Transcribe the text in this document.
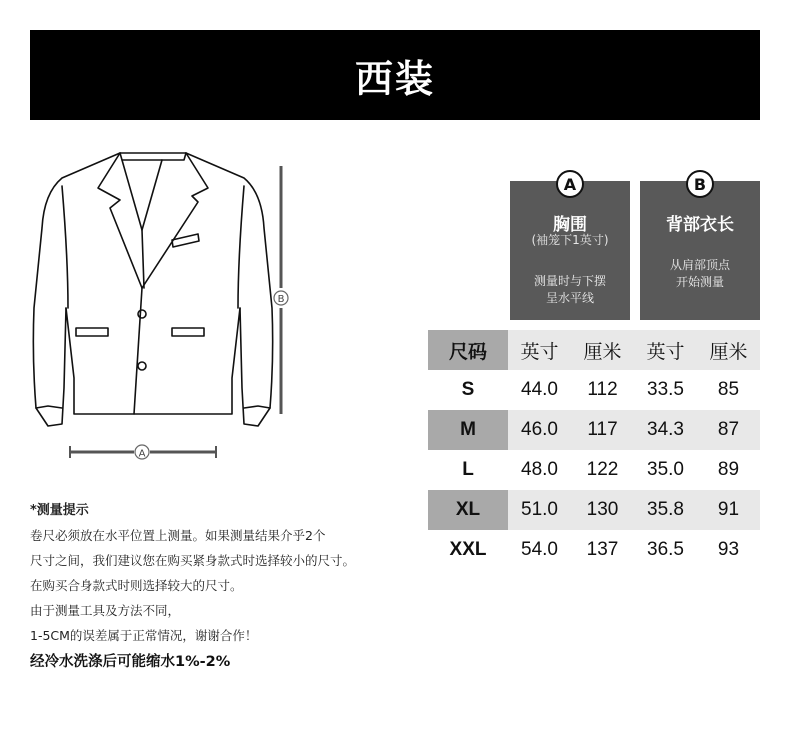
西装
A
B
胸围
(袖笼下1英寸)
测量时与下摆
呈水平线
A
背部衣长
从肩部顶点
开始测量
B
尺码	英寸	厘米	英寸	厘米
S	44.0	112	33.5	85
M	46.0	117	34.3	87
L	48.0	122	35.0	89
XL	51.0	130	35.8	91
XXL	54.0	137	36.5	93
*测量提示
卷尺必须放在水平位置上测量。如果测量结果介乎2个
尺寸之间，我们建议您在购买紧身款式时选择较小的尺寸。
在购买合身款式时则选择较大的尺寸。
由于测量工具及方法不同，
1-5CM的误差属于正常情况，谢谢合作！
经冷水洗涤后可能缩水1%-2%
